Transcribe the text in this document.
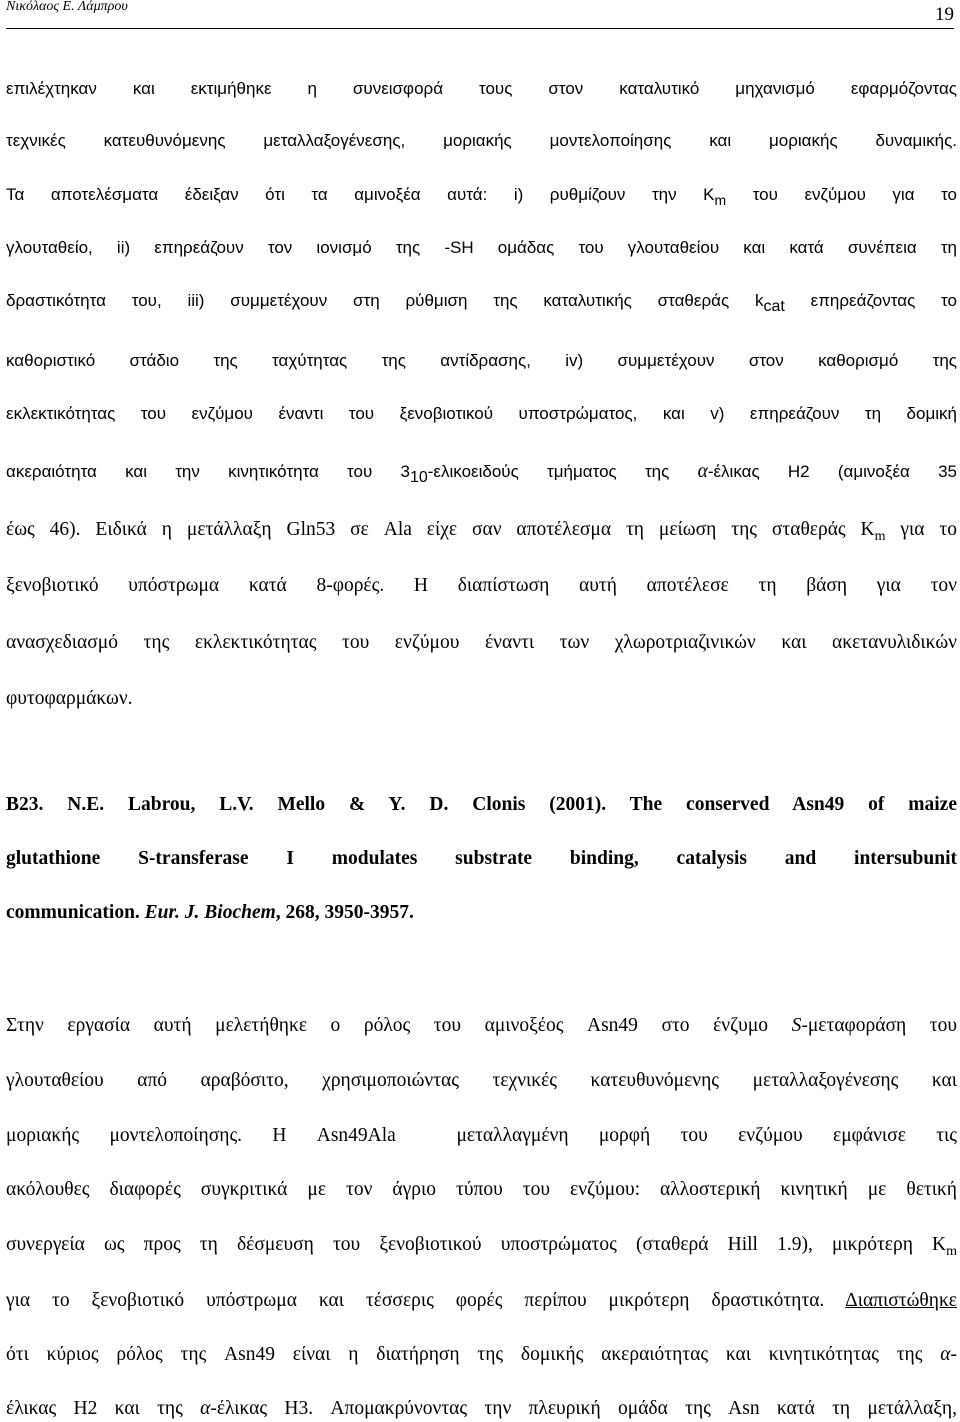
Νικόλαος Ε. Λάμπρου	19
επιλέχτηκαν και εκτιμήθηκε η συνεισφορά τους στον καταλυτικό μηχανισμό εφαρμόζοντας
τεχνικές κατευθυνόμενης μεταλλαξογένεσης, μοριακής μοντελοποίησης και μοριακής δυναμικής.
Τα αποτελέσματα έδειξαν ότι τα αμινοξέα αυτά: i) ρυθμίζουν την $K_m$ του ενζύμου για το
γλουταθείο, ii) επηρεάζουν τον ιονισμό της -SH ομάδας του γλουταθείου και κατά συνέπεια τη
δραστικότητα του, iii) συμμετέχουν στη ρύθμιση της καταλυτικής σταθεράς kcat επηρεάζοντας το
καθοριστικό στάδιο της ταχύτητας της αντίδρασης, iv) συμμετέχουν στον καθορισμό της
εκλεκτικότητας του ενζύμου έναντι του ξενοβιοτικού υποστρώματος, και v) επηρεάζουν τη δομική
ακεραιότητα και την κινητικότητα του 310-ελικοειδούς τμήματος της α-έλικας H2 (αμινοξέα 35
έως 46). Ειδικά η μετάλλαξη Gln53 σε Ala είχε σαν αποτέλεσμα τη μείωση της σταθεράς $K_m$ για το
ξενοβιοτικό υπόστρωμα κατά 8-φορές. Η διαπίστωση αυτή αποτέλεσε τη βάση για τον
ανασχεδιασμό της εκλεκτικότητας του ενζύμου έναντι των χλωροτριαζινικών και ακετανυλιδικών
φυτοφαρμάκων.
B23. N.E. Labrou, L.V. Mello & Y. D. Clonis (2001). The conserved Asn49 of maize
glutathione S-transferase I modulates substrate binding, catalysis and intersubunit
communication. Eur. J. Biochem, 268, 3950-3957.
Στην εργασία αυτή μελετήθηκε ο ρόλος του αμινοξέος Asn49 στο ένζυμο S-μεταφοράση του
γλουταθείου από αραβόσιτο, χρησιμοποιώντας τεχνικές κατευθυνόμενης μεταλλαξογένεσης και
μοριακής μοντελοποίησης. Η Asn49Ala  μεταλλαγμένη μορφή του ενζύμου εμφάνισε τις
ακόλουθες διαφορές συγκριτικά με τον άγριο τύπου του ενζύμου: αλλοστερική κινητική με θετική
συνεργεία ως προς τη δέσμευση του ξενοβιοτικού υποστρώματος (σταθερά Hill 1.9), μικρότερη $K_m$
για το ξενοβιοτικό υπόστρωμα και τέσσερις φορές περίπου μικρότερη δραστικότητα. Διαπιστώθηκε
ότι κύριος ρόλος της Asn49 είναι η διατήρηση της δομικής ακεραιότητας και κινητικότητας της α-
έλικας H2 και της α-έλικας H3. Απομακρύνοντας την πλευρική ομάδα της Asn κατά τη μετάλλαξη,
